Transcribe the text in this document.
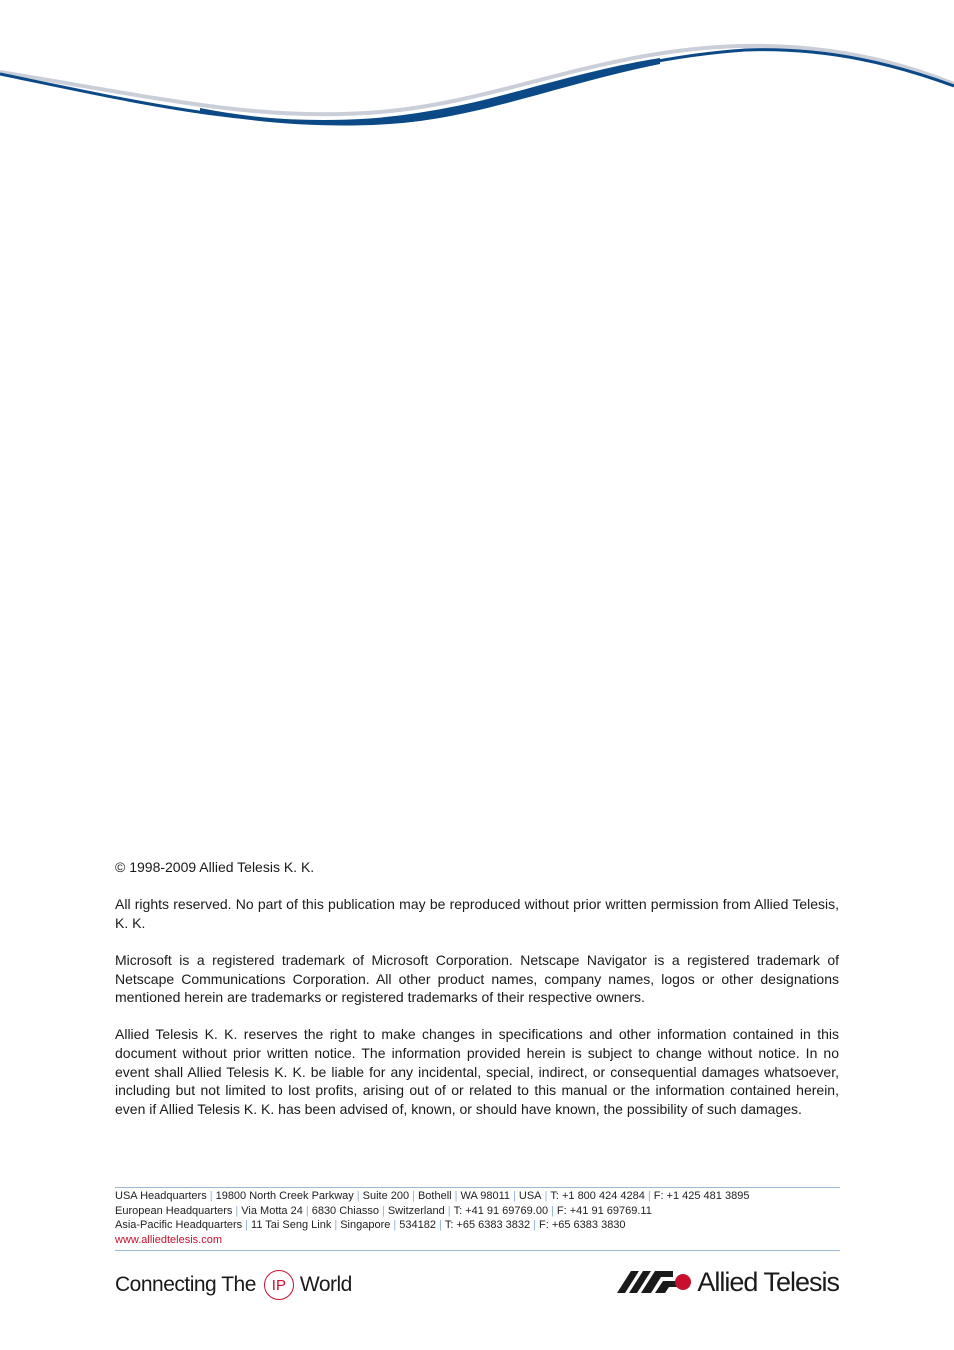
© 1998-2009 Allied Telesis K. K.

All rights reserved. No part of this publication may be reproduced without prior written permission from Allied Telesis, K. K.

Microsoft is a registered trademark of Microsoft Corporation. Netscape Navigator is a registered trademark of Netscape Communications Corporation. All other product names, company names, logos or other designations mentioned herein are trademarks or registered trademarks of their respective owners.

Allied Telesis K. K. reserves the right to make changes in specifications and other information contained in this document without prior written notice. The information provided herein is subject to change without notice. In no event shall Allied Telesis K. K. be liable for any incidental, special, indirect, or consequential damages whatsoever, including but not limited to lost profits, arising out of or related to this manual or the information contained herein, even if Allied Telesis K. K. has been advised of, known, or should have known, the possibility of such damages.

USA Headquarters | 19800 North Creek Parkway | Suite 200 | Bothell | WA 98011 | USA | T: +1 800 424 4284 | F: +1 425 481 3895
European Headquarters | Via Motta 24 | 6830 Chiasso | Switzerland | T: +41 91 69769.00 | F: +41 91 69769.11
Asia-Pacific Headquarters | 11 Tai Seng Link | Singapore | 534182 | T: +65 6383 3832 | F: +65 6383 3830
www.alliedtelesis.com
Connecting The	IP World	Allied Telesis
